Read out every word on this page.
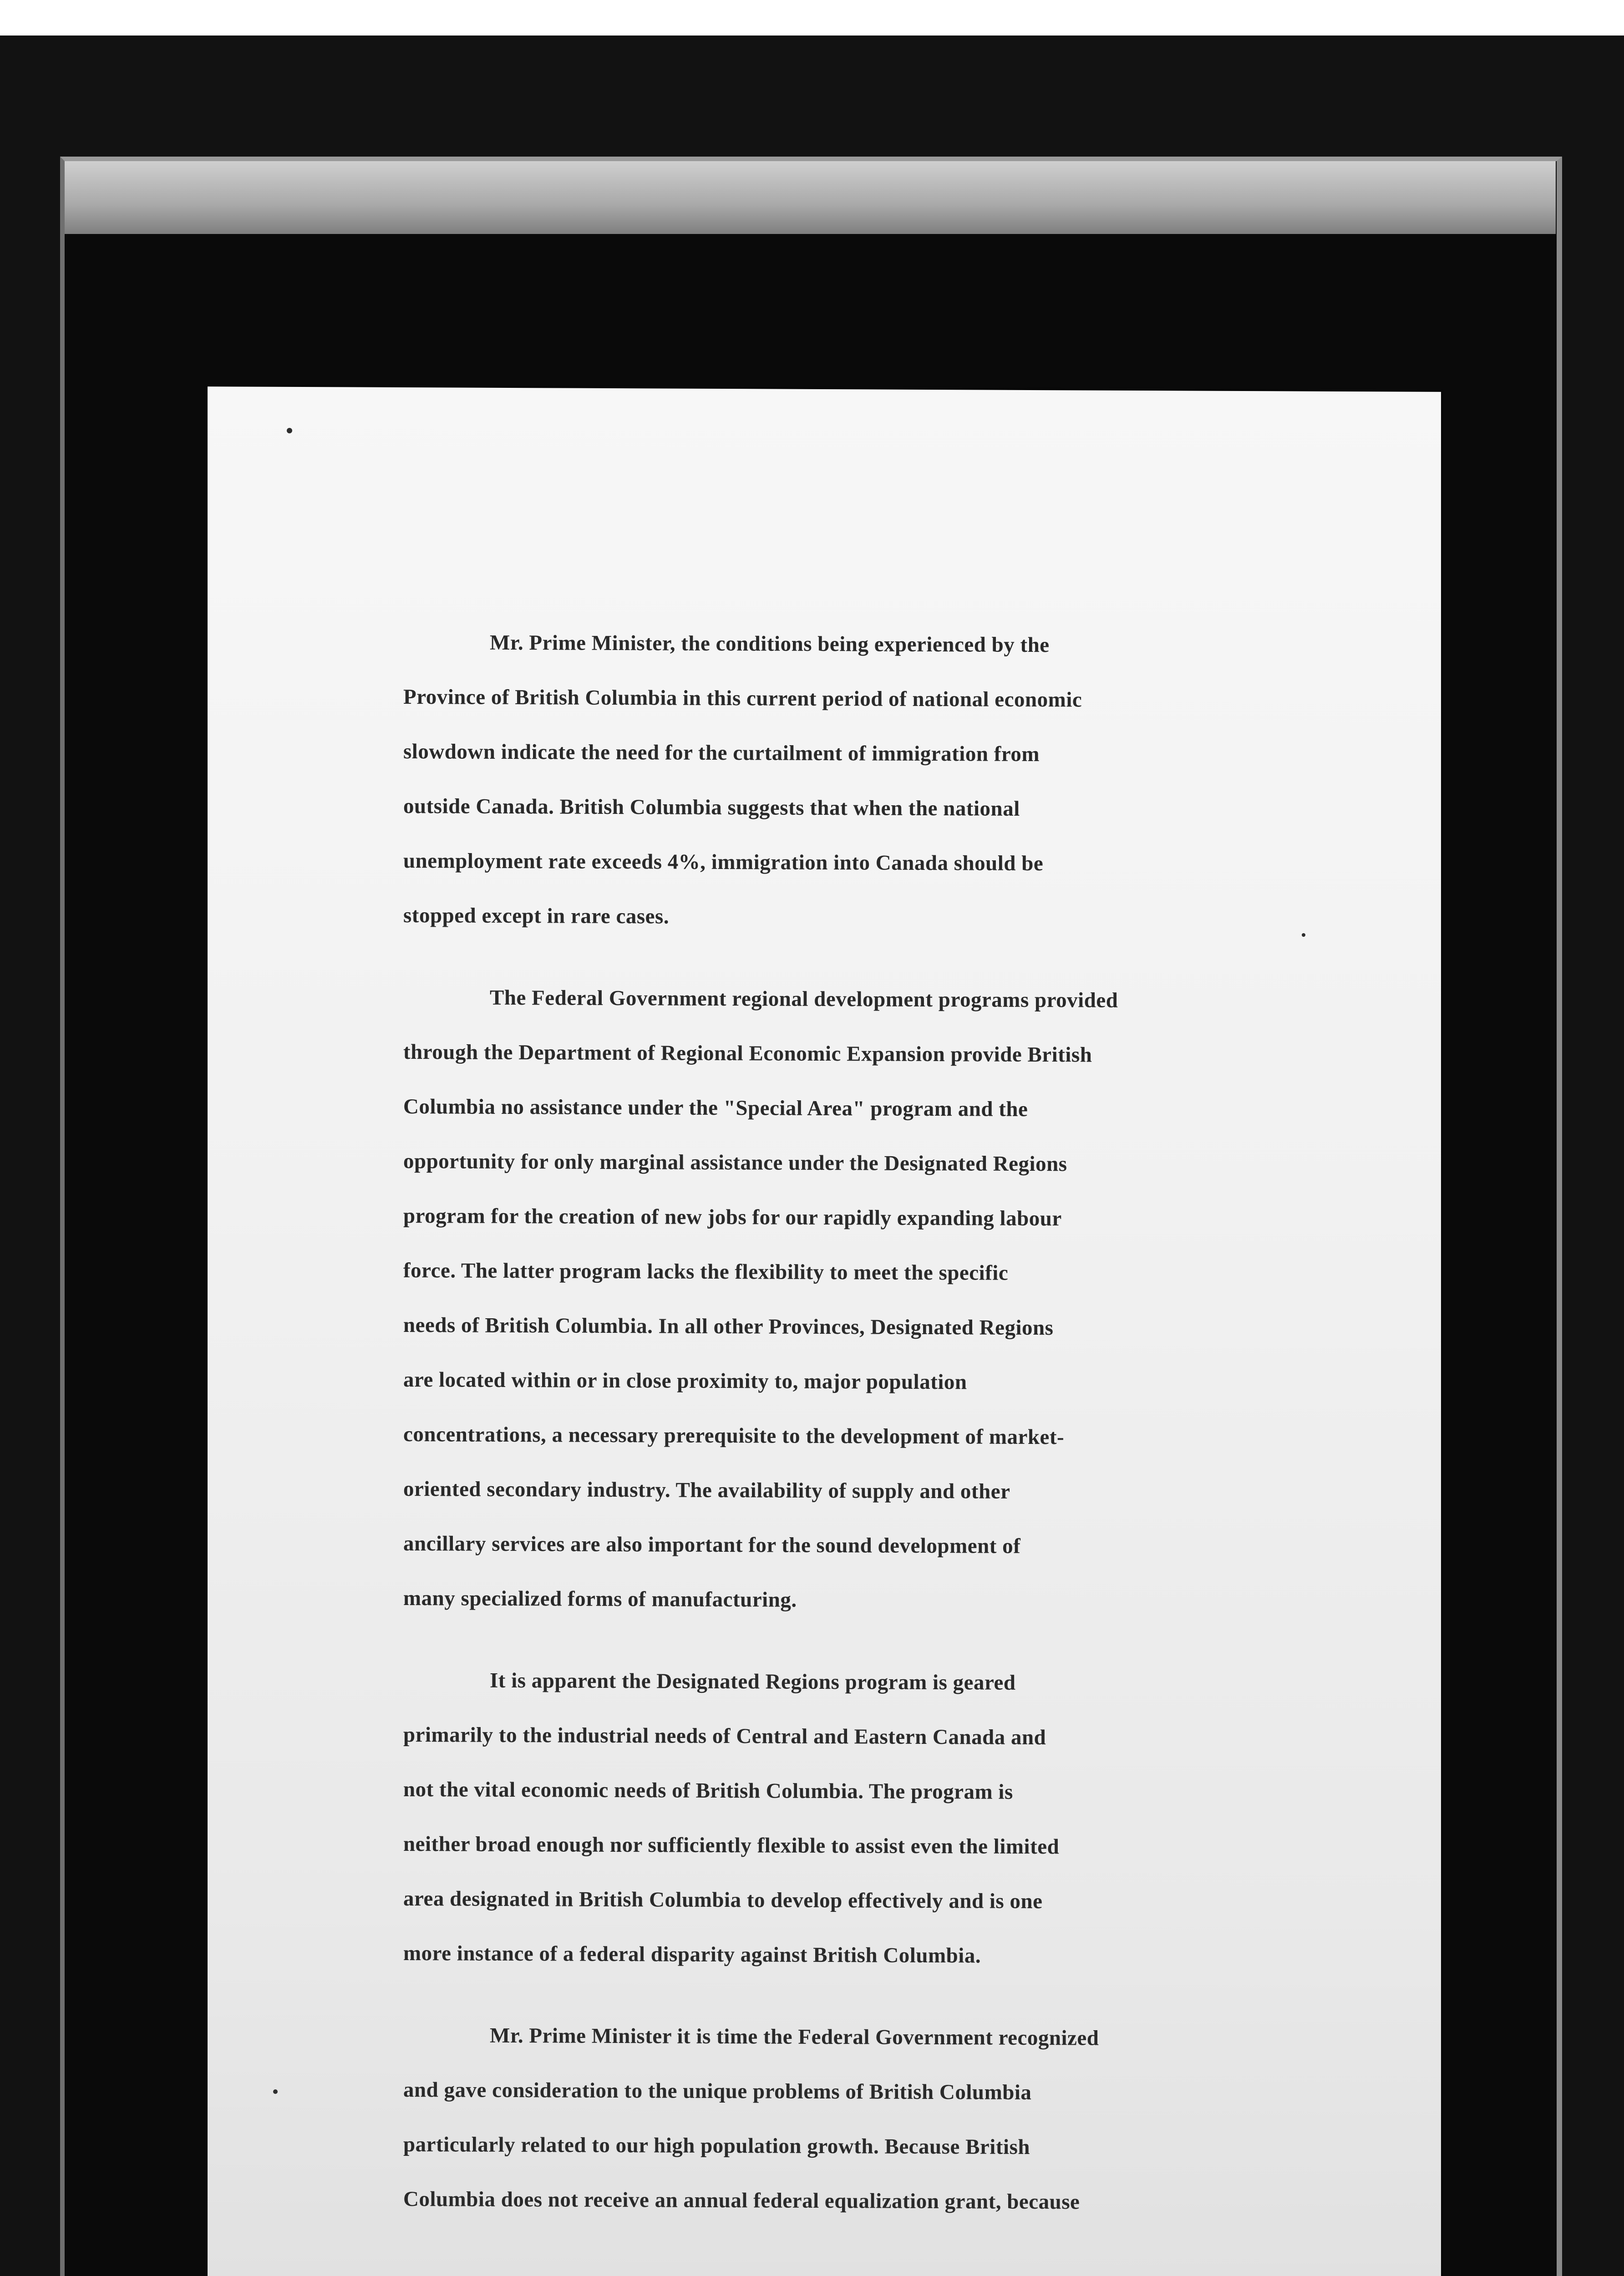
Mr. Prime Minister, the conditions being experienced by the
Province of British Columbia in this current period of national economic
slowdown indicate the need for the curtailment of immigration from
outside Canada. British Columbia suggests that when the national
unemployment rate exceeds 4%, immigration into Canada should be
stopped except in rare cases.
The Federal Government regional development programs provided
through the Department of Regional Economic Expansion provide British
Columbia no assistance under the "Special Area" program and the
opportunity for only marginal assistance under the Designated Regions
program for the creation of new jobs for our rapidly expanding labour
force. The latter program lacks the flexibility to meet the specific
needs of British Columbia. In all other Provinces, Designated Regions
are located within or in close proximity to, major population
concentrations, a necessary prerequisite to the development of market-
oriented secondary industry. The availability of supply and other
ancillary services are also important for the sound development of
many specialized forms of manufacturing.
It is apparent the Designated Regions program is geared
primarily to the industrial needs of Central and Eastern Canada and
not the vital economic needs of British Columbia. The program is
neither broad enough nor sufficiently flexible to assist even the limited
area designated in British Columbia to develop effectively and is one
more instance of a federal disparity against British Columbia.
Mr. Prime Minister it is time the Federal Government recognized
and gave consideration to the unique problems of British Columbia
particularly related to our high population growth. Because British
Columbia does not receive an annual federal equalization grant, because
